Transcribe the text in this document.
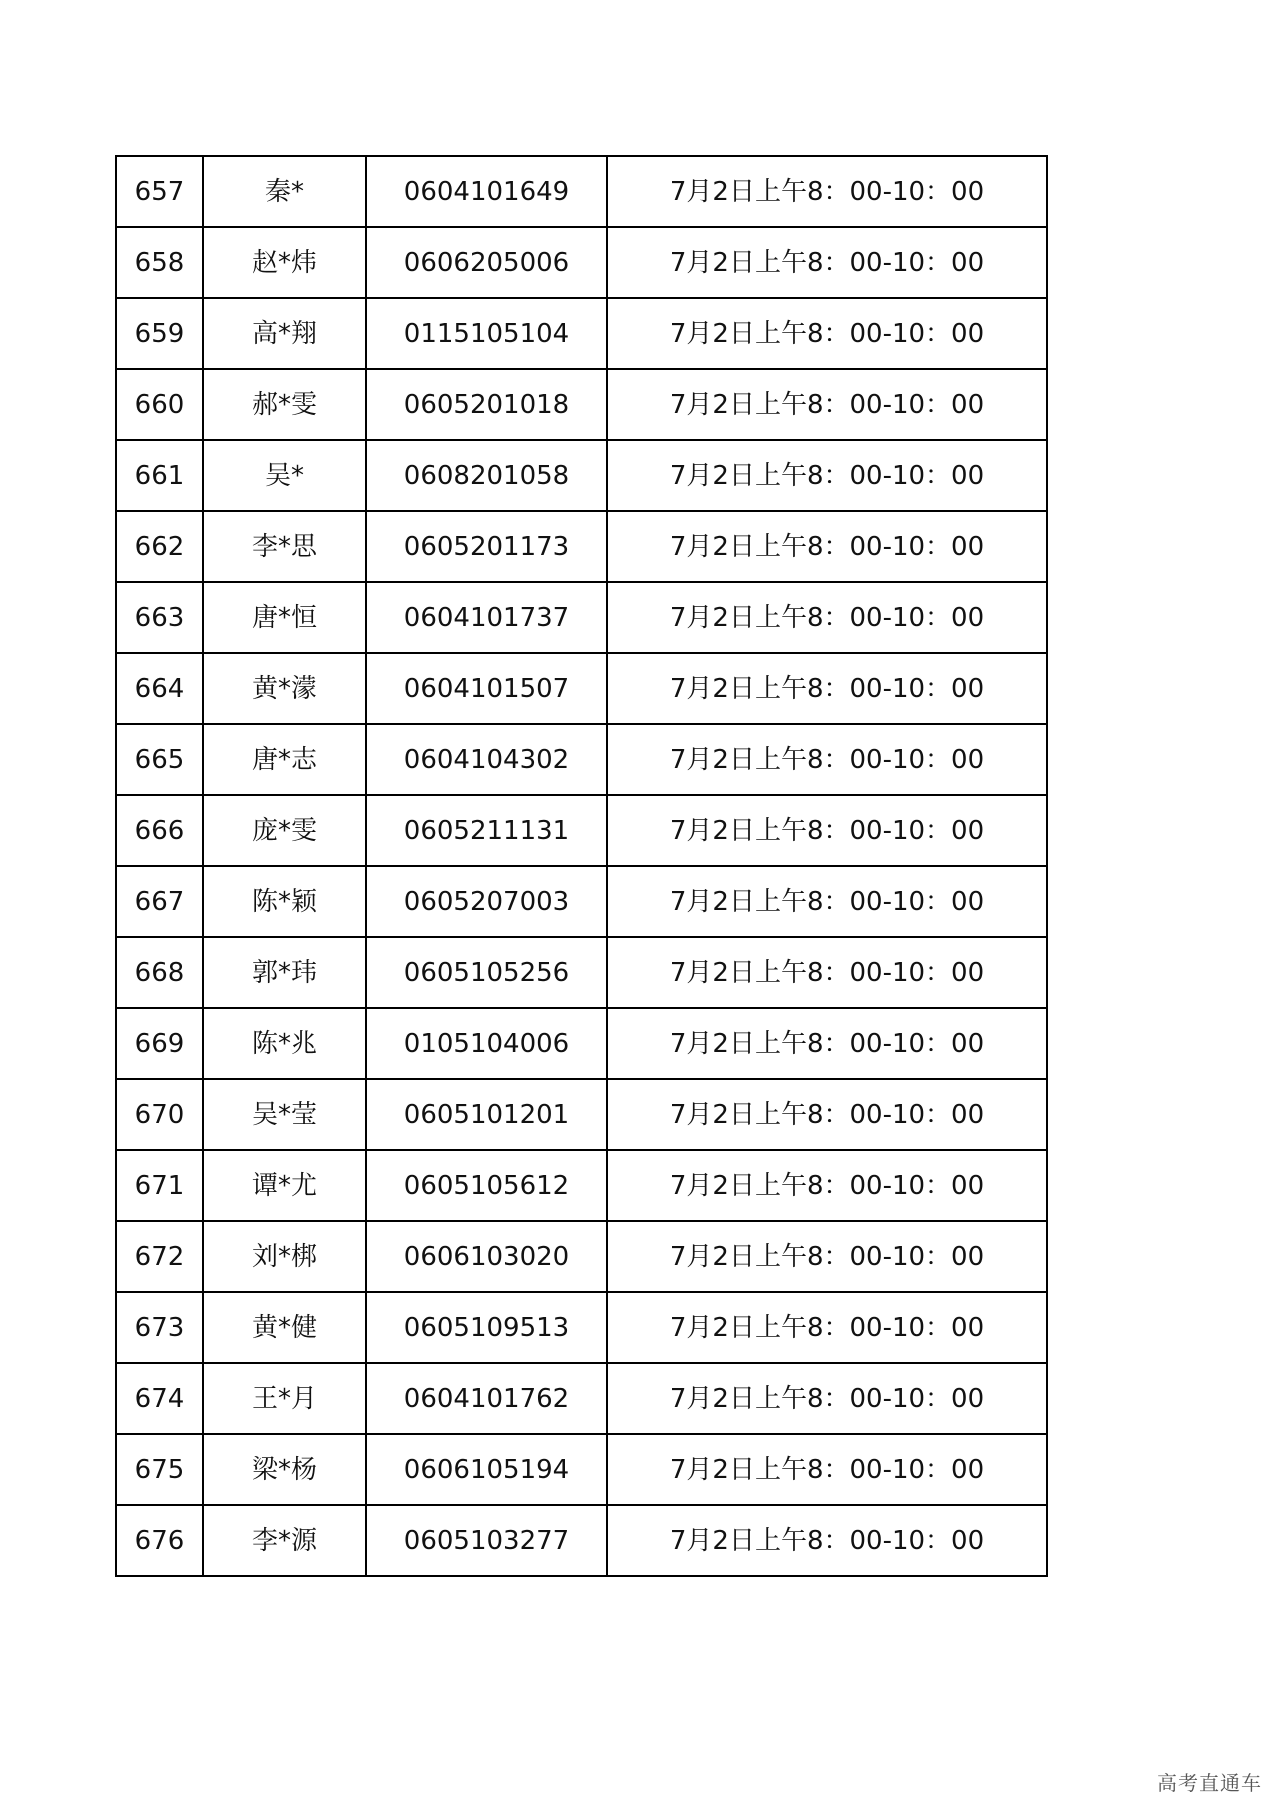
657	秦*	0604101649	7月2日上午8：00-10：00
658	赵*炜	0606205006	7月2日上午8：00-10：00
659	高*翔	0115105104	7月2日上午8：00-10：00
660	郝*雯	0605201018	7月2日上午8：00-10：00
661	吴*	0608201058	7月2日上午8：00-10：00
662	李*思	0605201173	7月2日上午8：00-10：00
663	唐*恒	0604101737	7月2日上午8：00-10：00
664	黄*濛	0604101507	7月2日上午8：00-10：00
665	唐*志	0604104302	7月2日上午8：00-10：00
666	庞*雯	0605211131	7月2日上午8：00-10：00
667	陈*颖	0605207003	7月2日上午8：00-10：00
668	郭*玮	0605105256	7月2日上午8：00-10：00
669	陈*兆	0105104006	7月2日上午8：00-10：00
670	吴*莹	0605101201	7月2日上午8：00-10：00
671	谭*尤	0605105612	7月2日上午8：00-10：00
672	刘*梆	0606103020	7月2日上午8：00-10：00
673	黄*健	0605109513	7月2日上午8：00-10：00
674	王*月	0604101762	7月2日上午8：00-10：00
675	梁*杨	0606105194	7月2日上午8：00-10：00
676	李*源	0605103277	7月2日上午8：00-10：00
高考直通车
